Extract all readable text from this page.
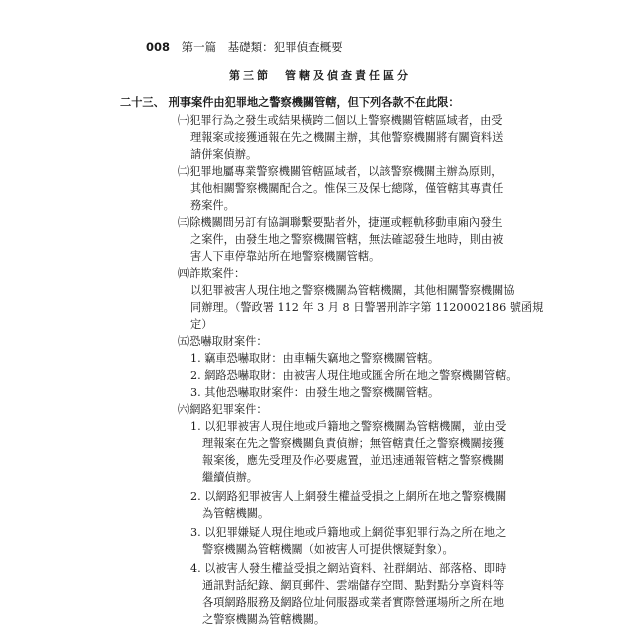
008 第一篇　基礎類：犯罪偵查概要
第三節　管轄及偵查責任區分
二十三、 刑事案件由犯罪地之警察機關管轄，但下列各款不在此限：
㈠犯罪行為之發生或結果橫跨二個以上警察機關管轄區域者，由受
理報案或接獲通報在先之機關主辦，其他警察機關將有關資料送
請併案偵辦。
㈡犯罪地屬專業警察機關管轄區域者，以該警察機關主辦為原則，
其他相關警察機關配合之。惟保三及保七總隊，僅管轄其專責任
務案件。
㈢除機關間另訂有協調聯繫要點者外，捷運或輕軌移動車廂內發生
之案件，由發生地之警察機關管轄，無法確認發生地時，則由被
害人下車停靠站所在地警察機關管轄。
㈣詐欺案件：
以犯罪被害人現住地之警察機關為管轄機關，其他相關警察機關協
同辦理。（警政署 112 年 3 月 8 日警署刑詐字第 1120002186 號函規
定）
㈤恐嚇取財案件：
1. 竊車恐嚇取財：由車輛失竊地之警察機關管轄。
2. 網路恐嚇取財：由被害人現住地或匯舍所在地之警察機關管轄。
3. 其他恐嚇取財案件：由發生地之警察機關管轄。
㈥網路犯罪案件：
1. 以犯罪被害人現住地或戶籍地之警察機關為管轄機關，並由受
理報案在先之警察機關負責偵辦；無管轄責任之警察機關接獲
報案後，應先受理及作必要處置，並迅速通報管轄之警察機關
繼續偵辦。
2. 以網路犯罪被害人上網發生權益受損之上網所在地之警察機關
為管轄機關。
3. 以犯罪嫌疑人現住地或戶籍地或上網從事犯罪行為之所在地之
警察機關為管轄機關（如被害人可提供懷疑對象）。
4. 以被害人發生權益受損之網站資料、社群網站、部落格、即時
通訊對話紀錄、網頁郵件、雲端儲存空間、點對點分享資料等
各項網路服務及網路位址伺服器或業者實際營運場所之所在地
之警察機關為管轄機關。
